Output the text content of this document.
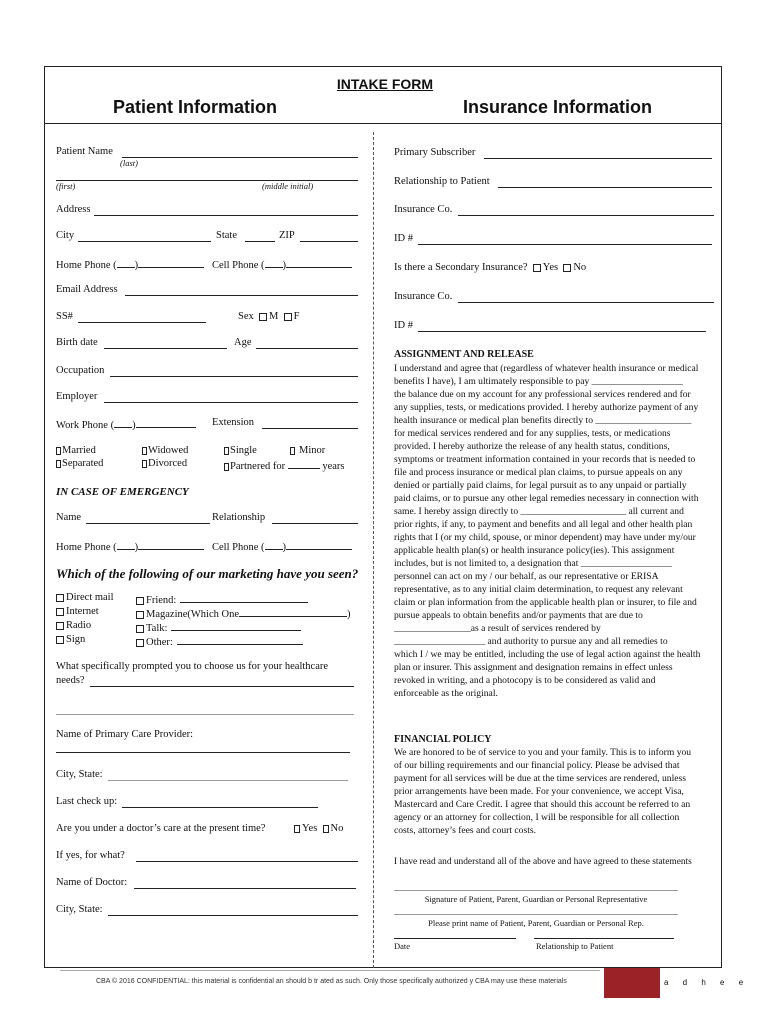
INTAKE FORM
Patient Information	Insurance Information
Patient Name
(last)
(first)	(middle initial)
Address
City	State	ZIP
Home Phone ( )	Cell Phone ( )
Email Address
SS#	Sex M F
Birth date	Age
Occupation
Employer
Work Phone ( )	Extension
Married	Widowed	Single	Minor
Separated	Divorced	Partnered for	years
IN CASE OF EMERGENCY
Name	Relationship
Home Phone ( )	Cell Phone ( )
Which of the following of our marketing have you seen?
Direct mail
Internet
Radio
Sign
Friend:
Magazine(Which One	)
Talk:
Other:
What specifically prompted you to choose us for your healthcare
needs?
Name of Primary Care Provider:
City, State:
Last check up:
Are you under a doctor’s care at the present time?	Yes No
If yes, for what?
Name of Doctor:
City, State:
Primary Subscriber
Relationship to Patient
Insurance Co.
ID #
Is there a Secondary Insurance? Yes No
Insurance Co.
ID #
ASSIGNMENT AND RELEASE
I understand and agree that (regardless of whatever health insurance or medical
benefits I have), I am ultimately responsible to pay ___________________
the balance due on my account for any professional services rendered and for
any supplies, tests, or medications provided. I hereby authorize payment of any
health insurance or medical plan benefits directly to ____________________
for medical services rendered and for any supplies, tests, or medications
provided. I hereby authorize the release of any health status, conditions,
symptoms or treatment information contained in your records that is needed to
file and process insurance or medical plan claims, to pursue appeals on any
denied or partially paid claims, for legal pursuit as to any unpaid or partially
paid claims, or to pursue any other legal remedies necessary in connection with
same. I hereby assign directly to ______________________ all current and
prior rights, if any, to payment and benefits and all legal and other health plan
rights that I (or my child, spouse, or minor dependent) may have under my/our
applicable health plan(s) or health insurance policy(ies). This assignment
includes, but is not limited to, a designation that ___________________
personnel can act on my / our behalf, as our representative or ERISA
representative, as to any initial claim determination, to request any relevant
claim or plan information from the applicable health plan or insurer, to file and
pursue appeals to obtain benefits and/or payments that are due to
________________as a result of services rendered by
___________________ and authority to pursue any and all remedies to
which I / we may be entitled, including the use of legal action against the health
plan or insurer. This assignment and designation remains in effect unless
revoked in writing, and a photocopy is to be considered as valid and
enforceable as the original.
FINANCIAL POLICY
We are honored to be of service to you and your family. This is to inform you
of our billing requirements and our financial policy. Please be advised that
payment for all services will be due at the time services are rendered, unless
prior arrangements have been made. For your convenience, we accept Visa,
Mastercard and Care Credit. I agree that should this account be referred to an
agency or an attorney for collection, I will be responsible for all collection
costs, attorney’s fees and court costs.
I have read and understand all of the above and have agreed to these statements
Signature of Patient, Parent, Guardian or Personal Representative
Please print name of Patient, Parent, Guardian or Personal Rep.
Date	Relationship to Patient
CBA © 2016 CONFIDENTIAL: this material is confidential an should b tr ated as such. Only those specifically authorized y CBA may use these materials	a d h e e
